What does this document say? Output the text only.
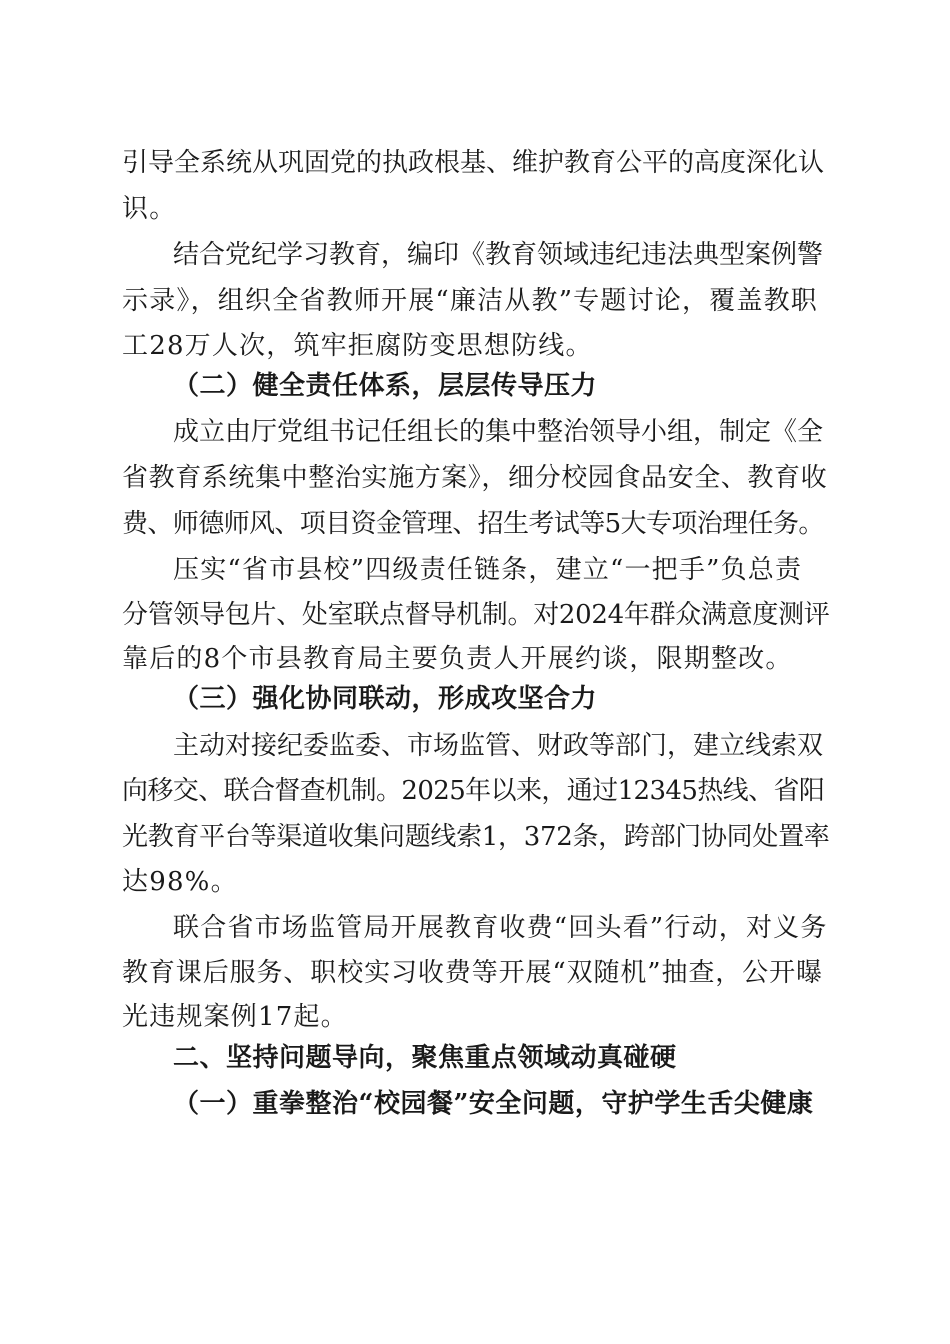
引导全系统从巩固党的执政根基、维护教育公平的高度深化认
识。
结合党纪学习教育，编印《教育领域违纪违法典型案例警
示录》，组织全省教师开展“廉洁从教”专题讨论，覆盖教职
工28万人次，筑牢拒腐防变思想防线。
（二）健全责任体系，层层传导压力
成立由厅党组书记任组长的集中整治领导小组，制定《全
省教育系统集中整治实施方案》，细分校园食品安全、教育收
费、师德师风、项目资金管理、招生考试等5大专项治理任务。
压实“省市县校”四级责任链条，建立“一把手”负总责
分管领导包片、处室联点督导机制。对2024年群众满意度测评
靠后的8个市县教育局主要负责人开展约谈，限期整改。
（三）强化协同联动，形成攻坚合力
主动对接纪委监委、市场监管、财政等部门，建立线索双
向移交、联合督查机制。2025年以来，通过12345热线、省阳
光教育平台等渠道收集问题线索1，372条，跨部门协同处置率
达98%。
联合省市场监管局开展教育收费“回头看”行动，对义务
教育课后服务、职校实习收费等开展“双随机”抽查，公开曝
光违规案例17起。
二、坚持问题导向，聚焦重点领域动真碰硬
（一）重拳整治“校园餐”安全问题，守护学生舌尖健康
